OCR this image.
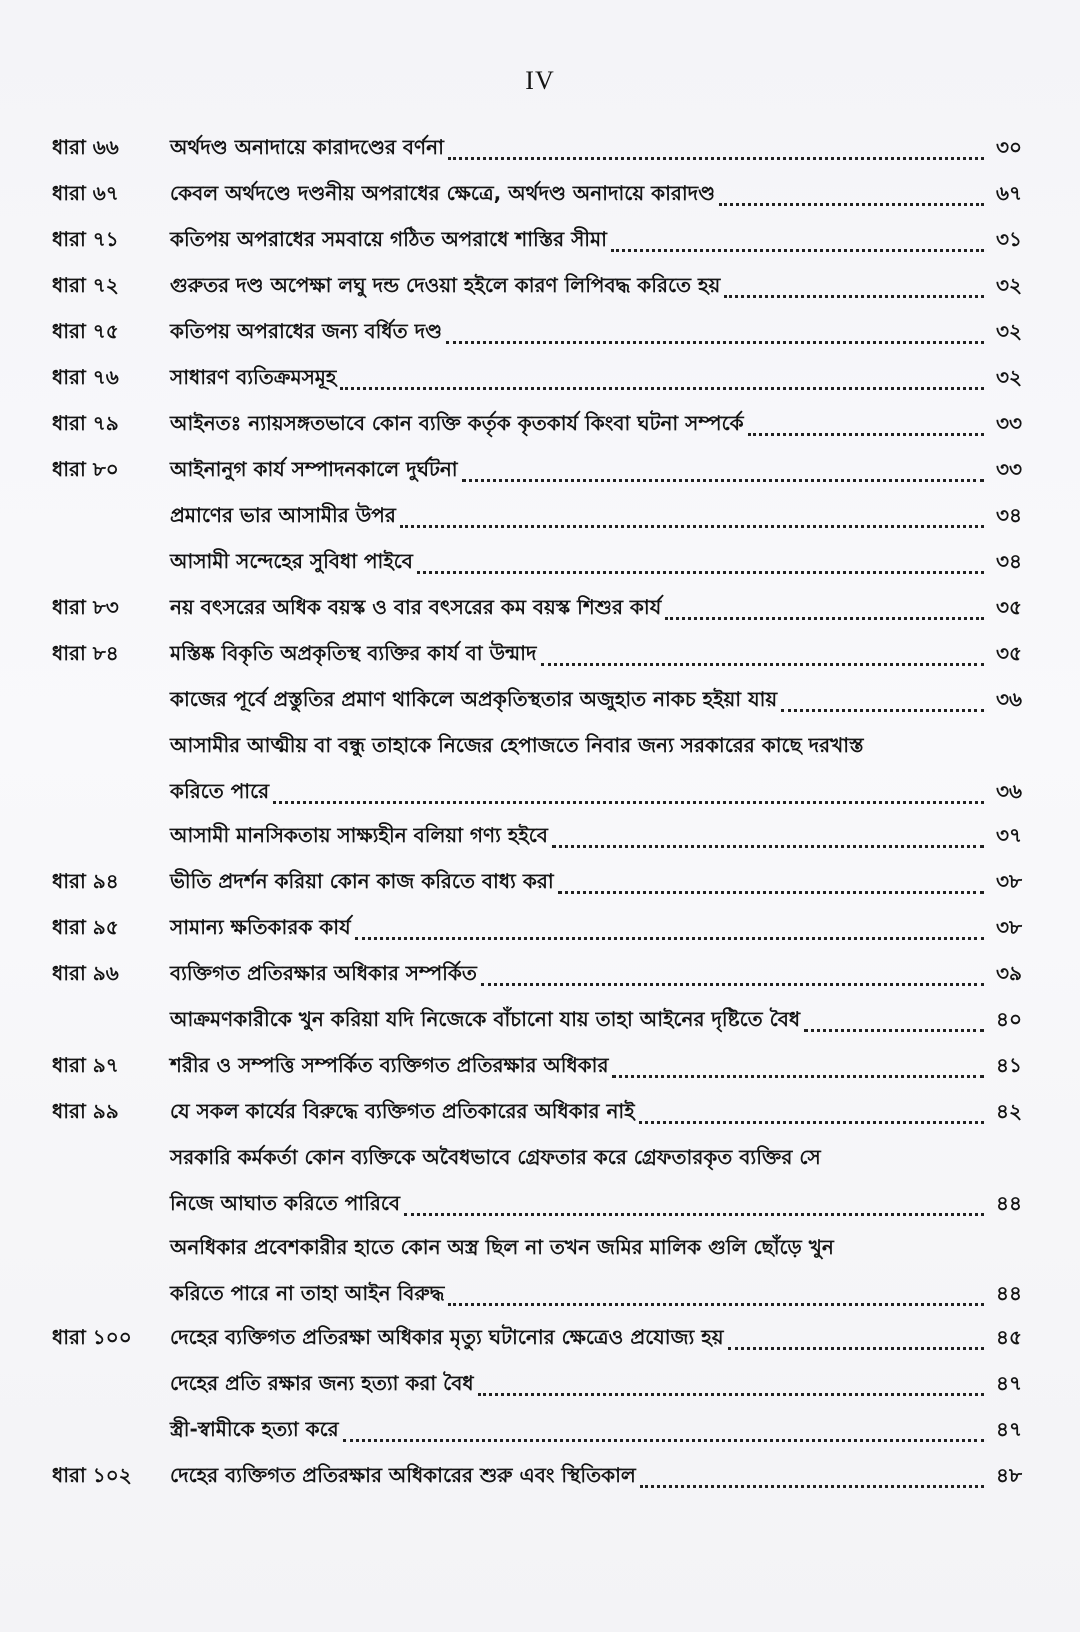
IV
ধারা ৬৬	অর্থদণ্ড অনাদায়ে কারাদণ্ডের বর্ণনা	৩০
ধারা ৬৭	কেবল অর্থদণ্ডে দণ্ডনীয় অপরাধের ক্ষেত্রে, অর্থদণ্ড অনাদায়ে কারাদণ্ড	৬৭
ধারা ৭১	কতিপয় অপরাধের সমবায়ে গঠিত অপরাধে শাস্তির সীমা	৩১
ধারা ৭২	গুরুতর দণ্ড অপেক্ষা লঘু দন্ড দেওয়া হইলে কারণ লিপিবদ্ধ করিতে হয়	৩২
ধারা ৭৫	কতিপয় অপরাধের জন্য বর্ধিত দণ্ড	৩২
ধারা ৭৬	সাধারণ ব্যতিক্রমসমূহ	৩২
ধারা ৭৯	আইনতঃ ন্যায়সঙ্গতভাবে কোন ব্যক্তি কর্তৃক কৃতকার্য কিংবা ঘটনা সম্পর্কে	৩৩
ধারা ৮০	আইনানুগ কার্য সম্পাদনকালে দুর্ঘটনা	৩৩
প্রমাণের ভার আসামীর উপর	৩৪
আসামী সন্দেহের সুবিধা পাইবে	৩৪
ধারা ৮৩	নয় বৎসরের অধিক বয়স্ক ও বার বৎসরের কম বয়স্ক শিশুর কার্য	৩৫
ধারা ৮৪	মস্তিষ্ক বিকৃতি অপ্রকৃতিস্থ ব্যক্তির কার্য বা উন্মাদ	৩৫
কাজের পূর্বে প্রস্তুতির প্রমাণ থাকিলে অপ্রকৃতিস্থতার অজুহাত নাকচ হইয়া যায়	৩৬
আসামীর আত্মীয় বা বন্ধু তাহাকে নিজের হেপাজতে নিবার জন্য সরকারের কাছে দরখাস্ত
করিতে পারে	৩৬
আসামী মানসিকতায় সাক্ষ্যহীন বলিয়া গণ্য হইবে	৩৭
ধারা ৯৪	ভীতি প্রদর্শন করিয়া কোন কাজ করিতে বাধ্য করা	৩৮
ধারা ৯৫	সামান্য ক্ষতিকারক কার্য	৩৮
ধারা ৯৬	ব্যক্তিগত প্রতিরক্ষার অধিকার সম্পর্কিত	৩৯
আক্রমণকারীকে খুন করিয়া যদি নিজেকে বাঁচানো যায় তাহা আইনের দৃষ্টিতে বৈধ	৪০
ধারা ৯৭	শরীর ও সম্পত্তি সম্পর্কিত ব্যক্তিগত প্রতিরক্ষার অধিকার	৪১
ধারা ৯৯	যে সকল কার্যের বিরুদ্ধে ব্যক্তিগত প্রতিকারের অধিকার নাই	৪২
সরকারি কর্মকর্তা কোন ব্যক্তিকে অবৈধভাবে গ্রেফতার করে গ্রেফতারকৃত ব্যক্তির সে
নিজে আঘাত করিতে পারিবে	৪৪
অনধিকার প্রবেশকারীর হাতে কোন অস্ত্র ছিল না তখন জমির মালিক গুলি ছোঁড়ে খুন
করিতে পারে না তাহা আইন বিরুদ্ধ	৪৪
ধারা ১০০	দেহের ব্যক্তিগত প্রতিরক্ষা অধিকার মৃত্যু ঘটানোর ক্ষেত্রেও প্রযোজ্য হয়	৪৫
দেহের প্রতি রক্ষার জন্য হত্যা করা বৈধ	৪৭
স্ত্রী-স্বামীকে হত্যা করে	৪৭
ধারা ১০২	দেহের ব্যক্তিগত প্রতিরক্ষার অধিকারের শুরু এবং স্থিতিকাল	৪৮
